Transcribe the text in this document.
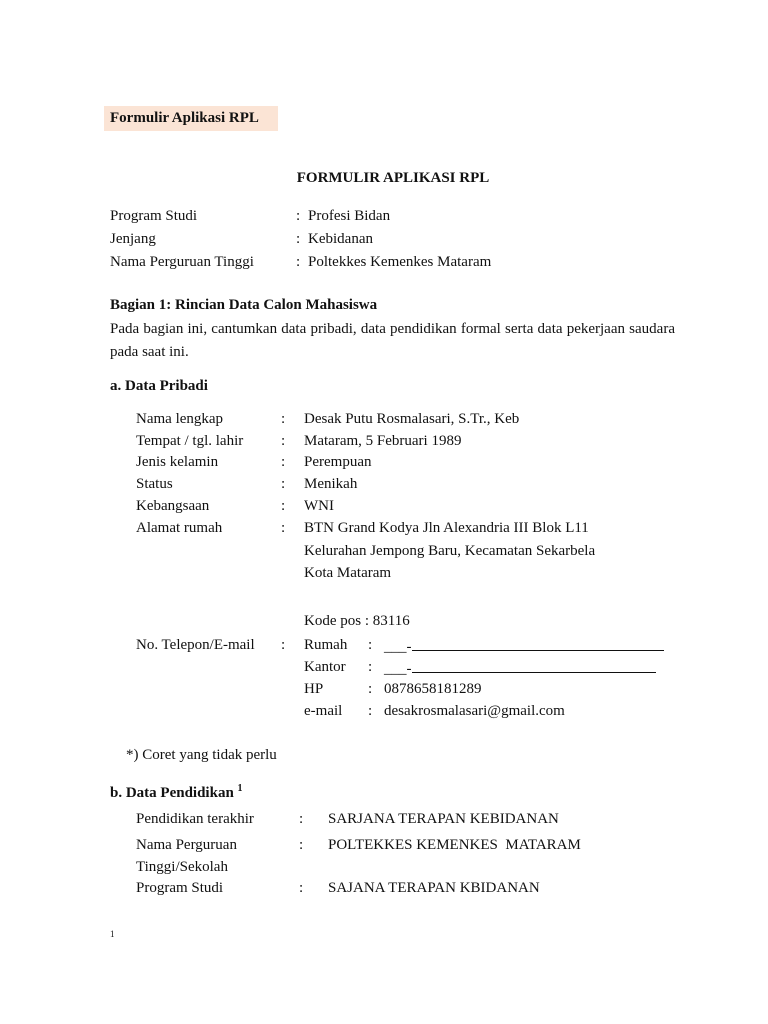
Formulir Aplikasi RPL
FORMULIR APLIKASI RPL
Program Studi	: Profesi Bidan
Jenjang	: Kebidanan
Nama Perguruan Tinggi	: Poltekkes Kemenkes Mataram
Bagian 1: Rincian Data Calon Mahasiswa
Pada bagian ini, cantumkan data pribadi, data pendidikan formal serta data pekerjaan saudara pada saat ini.
a. Data Pribadi
Nama lengkap	: Desak Putu Rosmalasari, S.Tr., Keb
Tempat / tgl. lahir	: Mataram, 5 Februari 1989
Jenis kelamin	: Perempuan
Status	: Menikah
Kebangsaan	: WNI
Alamat rumah	: BTN Grand Kodya Jln Alexandria III Blok L11
Kelurahan Jempong Baru, Kecamatan Sekarbela
Kota Mataram
Kode pos : 83116
No. Telepon/E-mail : Rumah : ___-
Kantor : ___-
HP	: 0878658181289
e-mail : desakrosmalasari@gmail.com
*) Coret yang tidak perlu
b. Data Pendidikan $^1$
Pendidikan terakhir	: SARJANA TERAPAN KEBIDANAN
Nama Perguruan
Tinggi/Sekolah
: POLTEKKES KEMENKES  MATARAM
Program Studi	: SAJANA TERAPAN KBIDANAN
1
